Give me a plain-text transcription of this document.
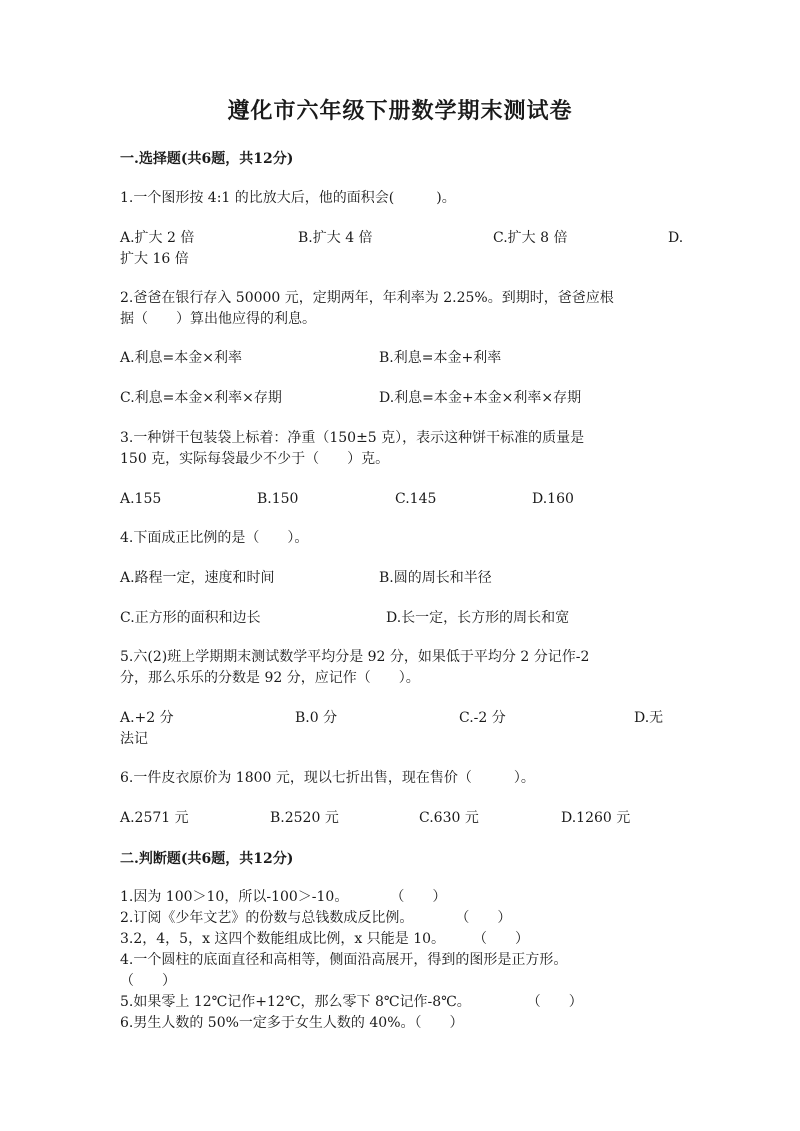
遵化市六年级下册数学期末测试卷
一.选择题(共6题，共12分)
1.一个图形按 4:1 的比放大后，他的面积会(　　　)。
A.扩大 2 倍	B.扩大 4 倍	C.扩大 8 倍	D.
扩大 16 倍
2.爸爸在银行存入 50000 元，定期两年，年利率为 2.25%。到期时，爸爸应根
据（　　）算出他应得的利息。
A.利息=本金×利率	B.利息=本金+利率
C.利息=本金×利率×存期	D.利息=本金+本金×利率×存期
3.一种饼干包装袋上标着：净重（150±5 克），表示这种饼干标准的质量是
150 克，实际每袋最少不少于（　　）克。
A.155	B.150	C.145	D.160
4.下面成正比例的是（　　）。
A.路程一定，速度和时间	B.圆的周长和半径
C.正方形的面积和边长	D.长一定，长方形的周长和宽
5.六(2)班上学期期末测试数学平均分是 92 分，如果低于平均分 2 分记作-2
分，那么乐乐的分数是 92 分，应记作（　　）。
A.+2 分	B.0 分	C.-2 分	D.无
法记
6.一件皮衣原价为 1800 元，现以七折出售，现在售价（　　　）。
A.2571 元	B.2520 元	C.630 元	D.1260 元
二.判断题(共6题，共12分)
1.因为 100＞10，所以-100＞-10。　　　　（　　）
2.订阅《少年文艺》的份数与总钱数成反比例。　　　　（　　）
3.2，4，5，x 这四个数能组成比例，x 只能是 10。　　　（　　）
4.一个圆柱的底面直径和高相等，侧面沿高展开，得到的图形是正方形。
（　　）
5.如果零上 12℃记作+12℃，那么零下 8℃记作-8℃。　　　　　（　　）
6.男生人数的 50%一定多于女生人数的 40%。（　　）
